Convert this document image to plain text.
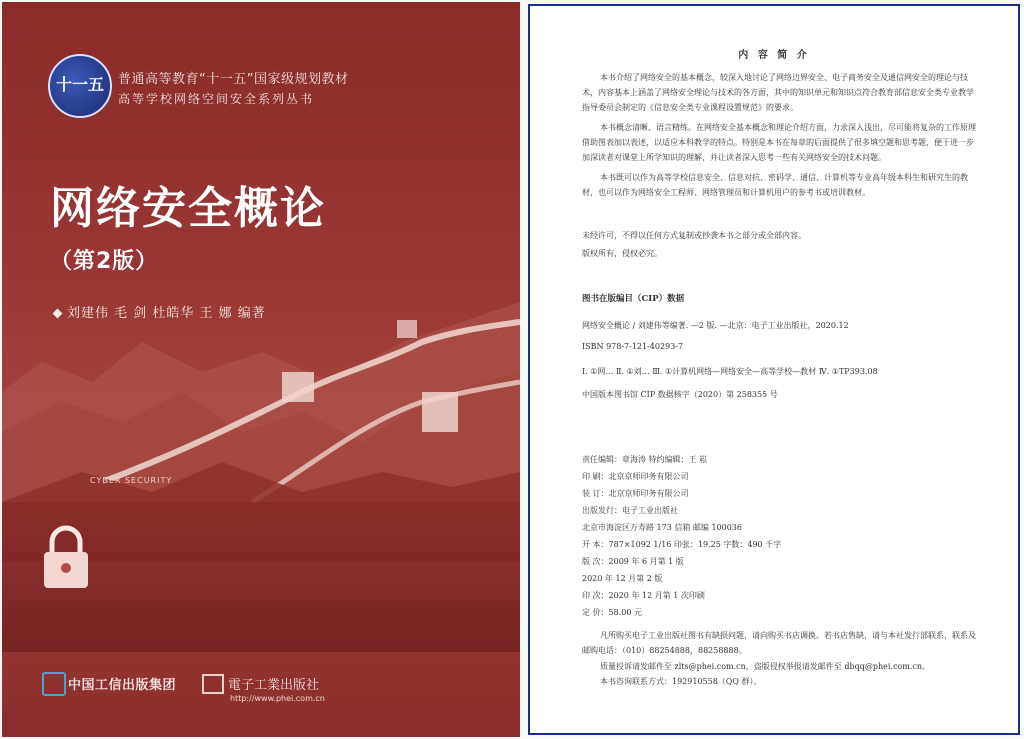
十一五	普通高等教育“十一五”国家级规划教材
高等学校网络空间安全系列丛书
网络安全概论
（第2版）
刘建伟 毛 剑 杜皓华 王 娜 编著
CYBER SECURITY
中国工信出版集团	電子工業出版社
http://www.phei.com.cn
内 容 简 介
本书介绍了网络安全的基本概念，较深入地讨论了网络边界安全、电子商务安全及通信网安全的理论与技术，内容基本上涵盖了网络安全理论与技术的各方面，其中的知识单元和知识点符合教育部信息安全类专业教学指导委员会制定的《信息安全类专业课程设置规范》的要求。
本书概念清晰、语言精练。在网络安全基本概念和理论介绍方面，力求深入浅出，尽可能将复杂的工作原理借助图表加以表述，以适应本科教学的特点。特别是本书在每章的后面提供了很多填空题和思考题，便于进一步加深读者对课堂上所学知识的理解，并让读者深入思考一些有关网络安全的技术问题。
本书既可以作为高等学校信息安全、信息对抗、密码学、通信、计算机等专业高年级本科生和研究生的教材，也可以作为网络安全工程师、网络管理员和计算机用户的参考书或培训教材。
未经许可，不得以任何方式复制或抄袭本书之部分或全部内容。
版权所有，侵权必究。
图书在版编目（CIP）数据
网络安全概论 / 刘建伟等编著. —2 版. —北京：电子工业出版社，2020.12
ISBN 978-7-121-40293-7
Ⅰ. ①网… Ⅱ. ①刘… Ⅲ. ①计算机网络—网络安全—高等学校—教材 Ⅳ. ①TP393.08
中国版本图书馆 CIP 数据核字（2020）第 258355 号
责任编辑：章海涛 特约编辑：王 崧
印 刷：北京京师印务有限公司
装 订：北京京师印务有限公司
出版发行：电子工业出版社
北京市海淀区万寿路 173 信箱 邮编 100036
开 本：787×1092 1/16 印张：19.25 字数：490 千字
版 次：2009 年 6 月第 1 版
2020 年 12 月第 2 版
印 次：2020 年 12 月第 1 次印刷
定 价：58.00 元
凡所购买电子工业出版社图书有缺损问题，请向购买书店调换。若书店售缺，请与本社发行部联系，联系及邮购电话：（010）88254888，88258888。
质量投诉请发邮件至 zlts@phei.com.cn，盗版侵权举报请发邮件至 dbqq@phei.com.cn。
本书咨询联系方式：192910558（QQ 群）。
